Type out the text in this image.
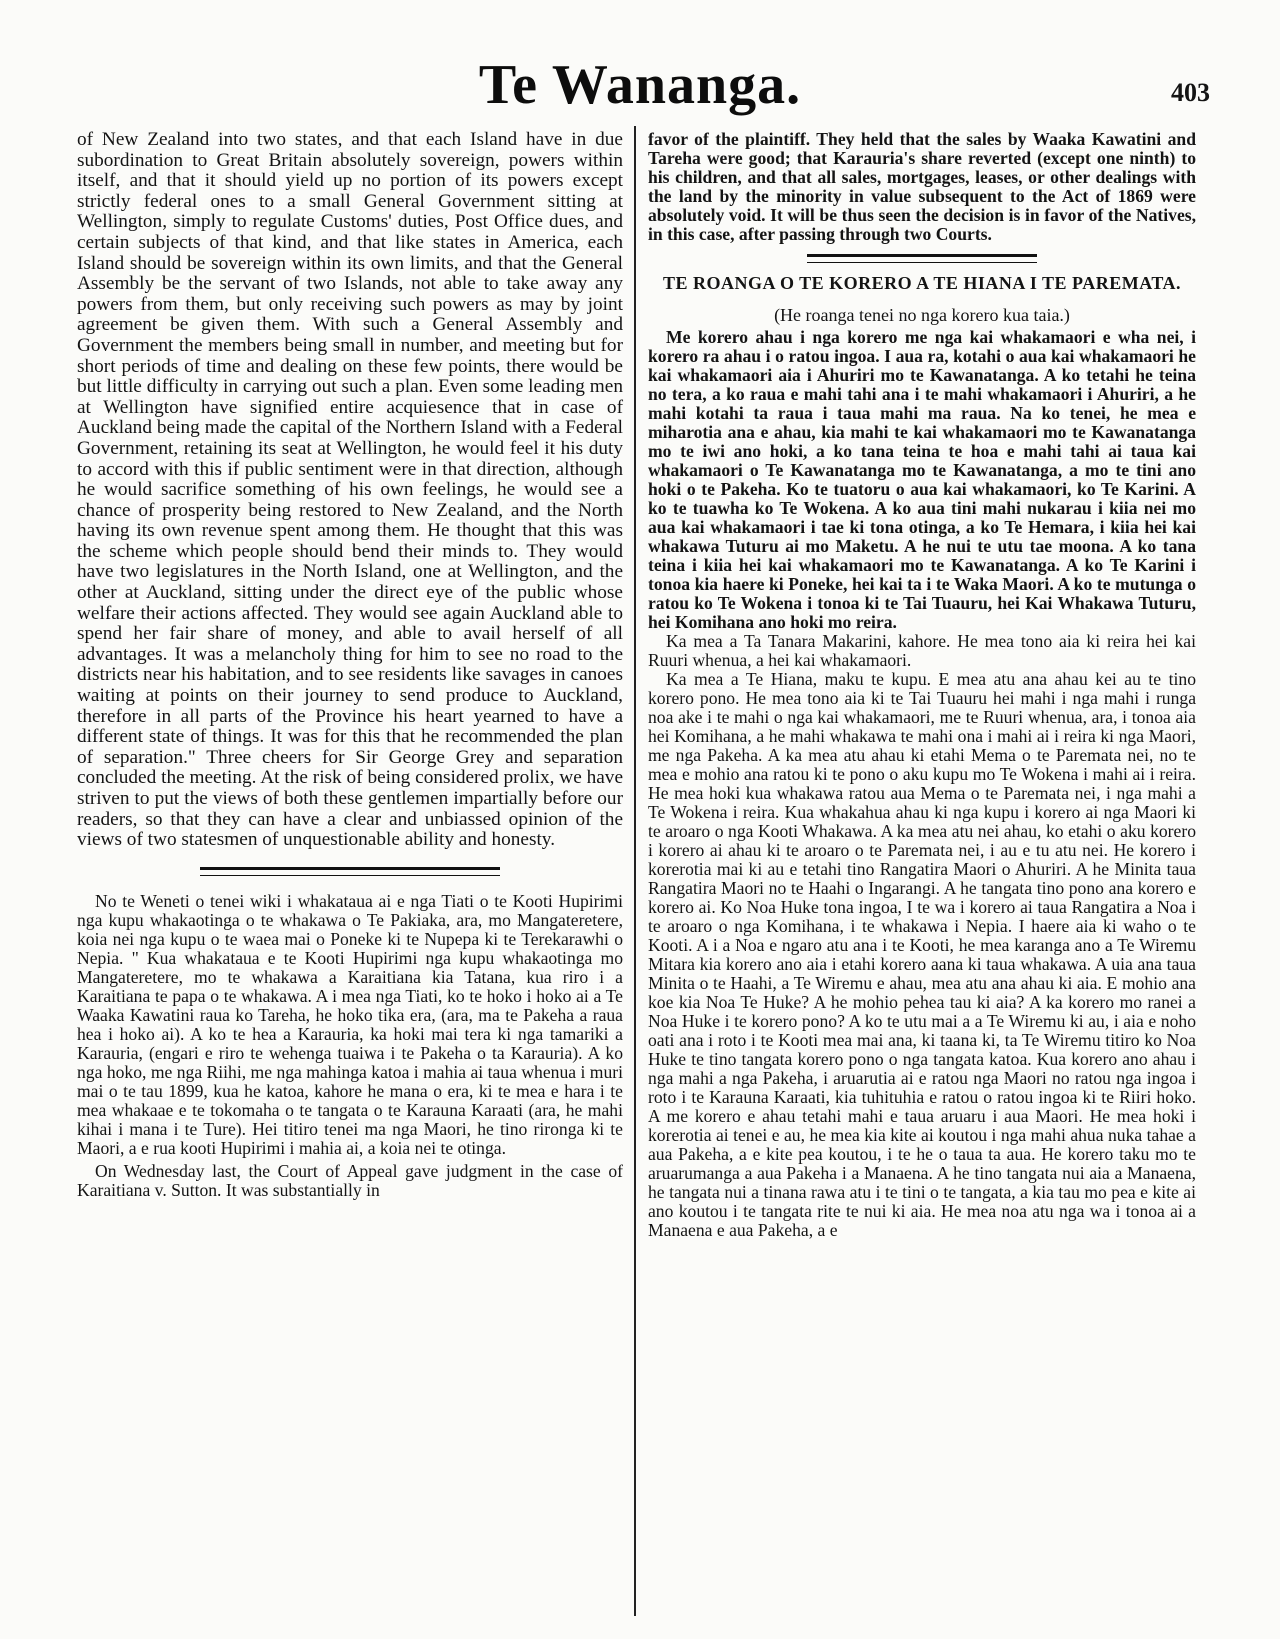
Te Wananga.	403

of New Zealand into two states, and that each Island have in due subordination to Great Britain absolutely sovereign, powers within itself, and that it should yield up no portion of its powers except strictly federal ones to a small General Government sitting at Wellington, simply to regulate Customs' duties, Post Office dues, and certain subjects of that kind, and that like states in America, each Island should be sovereign within its own limits, and that the General Assembly be the servant of two Islands, not able to take away any powers from them, but only receiving such powers as may by joint agreement be given them. With such a General Assembly and Government the members being small in number, and meeting but for short periods of time and dealing on these few points, there would be but little difficulty in carrying out such a plan. Even some leading men at Wellington have signified entire acquiesence that in case of Auckland being made the capital of the Northern Island with a Federal Government, retaining its seat at Wellington, he would feel it his duty to accord with this if public sentiment were in that direction, although he would sacrifice something of his own feelings, he would see a chance of prosperity being restored to New Zealand, and the North having its own revenue spent among them. He thought that this was the scheme which people should bend their minds to. They would have two legislatures in the North Island, one at Wellington, and the other at Auckland, sitting under the direct eye of the public whose welfare their actions affected. They would see again Auckland able to spend her fair share of money, and able to avail herself of all advantages. It was a melancholy thing for him to see no road to the districts near his habitation, and to see residents like savages in canoes waiting at points on their journey to send produce to Auckland, therefore in all parts of the Province his heart yearned to have a different state of things. It was for this that he recommended the plan of separation." Three cheers for Sir George Grey and separation concluded the meeting. At the risk of being considered prolix, we have striven to put the views of both these gentlemen impartially before our readers, so that they can have a clear and unbiassed opinion of the views of two statesmen of unquestionable ability and honesty.

No te Weneti o tenei wiki i whakataua ai e nga Tiati o te Kooti Hupirimi nga kupu whakaotinga o te whakawa o Te Pakiaka, ara, mo Mangateretere, koia nei nga kupu o te waea mai o Poneke ki te Nupepa ki te Terekarawhi o Nepia. " Kua whakataua e te Kooti Hupirimi nga kupu whakaotinga mo Mangateretere, mo te whakawa a Karaitiana kia Tatana, kua riro i a Karaitiana te papa o te whakawa. A i mea nga Tiati, ko te hoko i hoko ai a Te Waaka Kawatini raua ko Tareha, he hoko tika era, (ara, ma te Pakeha a raua hea i hoko ai). A ko te hea a Karauria, ka hoki mai tera ki nga tamariki a Karauria, (engari e riro te wehenga tuaiwa i te Pakeha o ta Karauria). A ko nga hoko, me nga Riihi, me nga mahinga katoa i mahia ai taua whenua i muri mai o te tau 1899, kua he katoa, kahore he mana o era, ki te mea e hara i te mea whakaae e te tokomaha o te tangata o te Karauna Karaati (ara, he mahi kihai i mana i te Ture). Hei titiro tenei ma nga Maori, he tino rironga ki te Maori, a e rua kooti Hupirimi i mahia ai, a koia nei te otinga.

On Wednesday last, the Court of Appeal gave judgment in the case of Karaitiana v. Sutton. It was substantially in

favor of the plaintiff. They held that the sales by Waaka Kawatini and Tareha were good; that Karauria's share reverted (except one ninth) to his children, and that all sales, mortgages, leases, or other dealings with the land by the minority in value subsequent to the Act of 1869 were absolutely void. It will be thus seen the decision is in favor of the Natives, in this case, after passing through two Courts.

TE ROANGA O TE KORERO A TE HIANA I TE PAREMATA.
(He roanga tenei no nga korero kua taia.)

Me korero ahau i nga korero me nga kai whakamaori e wha nei, i korero ra ahau i o ratou ingoa. I aua ra, kotahi o aua kai whakamaori he kai whakamaori aia i Ahuriri mo te Kawanatanga. A ko tetahi he teina no tera, a ko raua e mahi tahi ana i te mahi whakamaori i Ahuriri, a he mahi kotahi ta raua i taua mahi ma raua. Na ko tenei, he mea e miharotia ana e ahau, kia mahi te kai whakamaori mo te Kawanatanga mo te iwi ano hoki, a ko tana teina te hoa e mahi tahi ai taua kai whakamaori o Te Kawanatanga mo te Kawanatanga, a mo te tini ano hoki o te Pakeha. Ko te tuatoru o aua kai whakamaori, ko Te Karini. A ko te tuawha ko Te Wokena. A ko aua tini mahi nukarau i kiia nei mo aua kai whakamaori i tae ki tona otinga, a ko Te Hemara, i kiia hei kai whakawa Tuturu ai mo Maketu. A he nui te utu tae moona. A ko tana teina i kiia hei kai whakamaori mo te Kawanatanga. A ko Te Karini i tonoa kia haere ki Poneke, hei kai ta i te Waka Maori. A ko te mutunga o ratou ko Te Wokena i tonoa ki te Tai Tuauru, hei Kai Whakawa Tuturu, hei Komihana ano hoki mo reira.

Ka mea a Ta Tanara Makarini, kahore. He mea tono aia ki reira hei kai Ruuri whenua, a hei kai whakamaori.

Ka mea a Te Hiana, maku te kupu. E mea atu ana ahau kei au te tino korero pono. He mea tono aia ki te Tai Tuauru hei mahi i nga mahi i runga noa ake i te mahi o nga kai whakamaori, me te Ruuri whenua, ara, i tonoa aia hei Komihana, a he mahi whakawa te mahi ona i mahi ai i reira ki nga Maori, me nga Pakeha. A ka mea atu ahau ki etahi Mema o te Paremata nei, no te mea e mohio ana ratou ki te pono o aku kupu mo Te Wokena i mahi ai i reira. He mea hoki kua whakawa ratou aua Mema o te Paremata nei, i nga mahi a Te Wokena i reira. Kua whakahua ahau ki nga kupu i korero ai nga Maori ki te aroaro o nga Kooti Whakawa. A ka mea atu nei ahau, ko etahi o aku korero i korero ai ahau ki te aroaro o te Paremata nei, i au e tu atu nei. He korero i korerotia mai ki au e tetahi tino Rangatira Maori o Ahuriri. A he Minita taua Rangatira Maori no te Haahi o Ingarangi. A he tangata tino pono ana korero e korero ai. Ko Noa Huke tona ingoa, I te wa i korero ai taua Rangatira a Noa i te aroaro o nga Komihana, i te whakawa i Nepia. I haere aia ki waho o te Kooti. A i a Noa e ngaro atu ana i te Kooti, he mea karanga ano a Te Wiremu Mitara kia korero ano aia i etahi korero aana ki taua whakawa. A uia ana taua Minita o te Haahi, a Te Wiremu e ahau, mea atu ana ahau ki aia. E mohio ana koe kia Noa Te Huke? A he mohio pehea tau ki aia? A ka korero mo ranei a Noa Huke i te korero pono? A ko te utu mai a a Te Wiremu ki au, i aia e noho oati ana i roto i te Kooti mea mai ana, ki taana ki, ta Te Wiremu titiro ko Noa Huke te tino tangata korero pono o nga tangata katoa. Kua korero ano ahau i nga mahi a nga Pakeha, i aruarutia ai e ratou nga Maori no ratou nga ingoa i roto i te Karauna Karaati, kia tuhituhia e ratou o ratou ingoa ki te Riiri hoko. A me korero e ahau tetahi mahi e taua aruaru i aua Maori. He mea hoki i korerotia ai tenei e au, he mea kia kite ai koutou i nga mahi ahua nuka tahae a aua Pakeha, a e kite pea koutou, i te he o taua ta aua. He korero taku mo te aruarumanga a aua Pakeha i a Manaena. A he tino tangata nui aia a Manaena, he tangata nui a tinana rawa atu i te tini o te tangata, a kia tau mo pea e kite ai ano koutou i te tangata rite te nui ki aia. He mea noa atu nga wa i tonoa ai a Manaena e aua Pakeha, a e
